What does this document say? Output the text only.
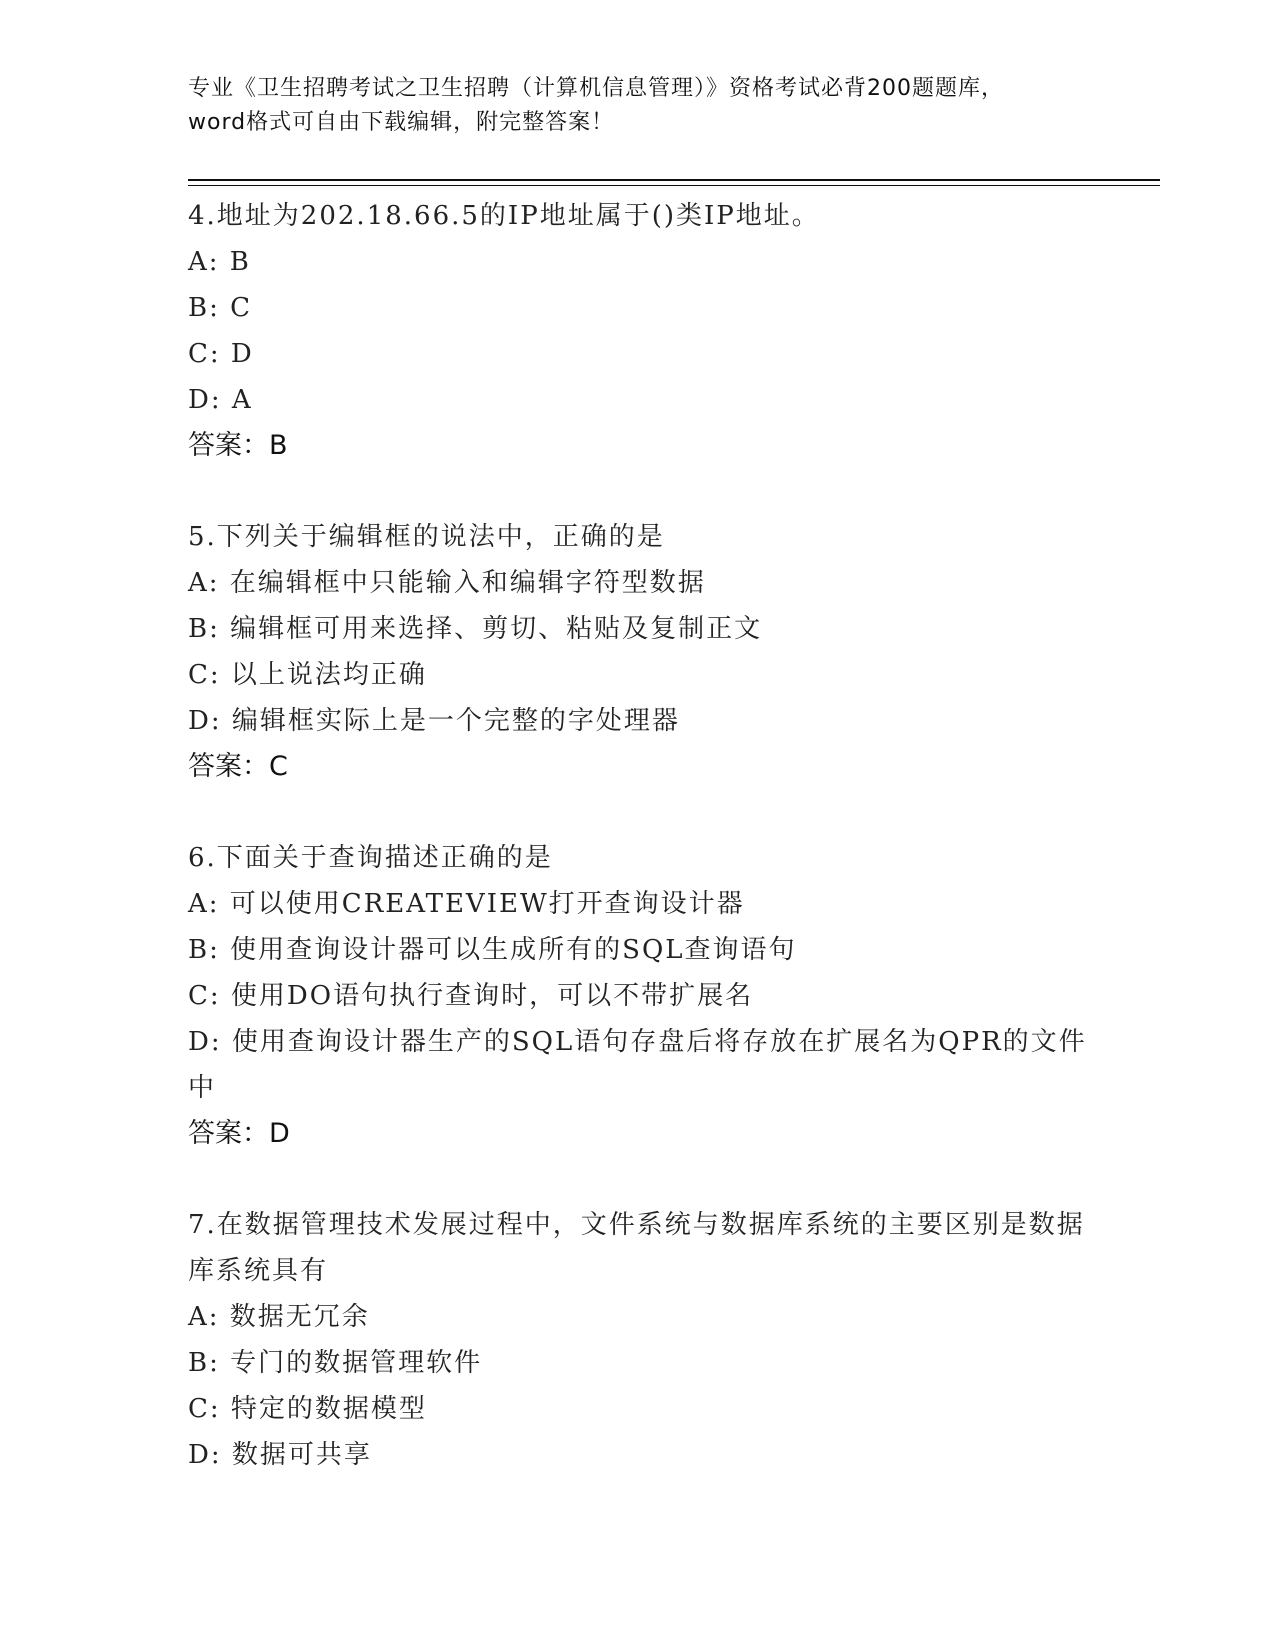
专业《卫生招聘考试之卫生招聘（计算机信息管理）》资格考试必背200题题库，
word格式可自由下载编辑，附完整答案！
4.地址为202.18.66.5的IP地址属于()类IP地址。
A: B
B: C
C: D
D: A
答案：B
5.下列关于编辑框的说法中，正确的是
A: 在编辑框中只能输入和编辑字符型数据
B: 编辑框可用来选择、剪切、粘贴及复制正文
C: 以上说法均正确
D: 编辑框实际上是一个完整的字处理器
答案：C
6.下面关于查询描述正确的是
A: 可以使用CREATEVIEW打开查询设计器
B: 使用查询设计器可以生成所有的SQL查询语句
C: 使用DO语句执行查询时，可以不带扩展名
D: 使用查询设计器生产的SQL语句存盘后将存放在扩展名为QPR的文件中
答案：D
7.在数据管理技术发展过程中，文件系统与数据库系统的主要区别是数据库系统具有
A: 数据无冗余
B: 专门的数据管理软件
C: 特定的数据模型
D: 数据可共享
